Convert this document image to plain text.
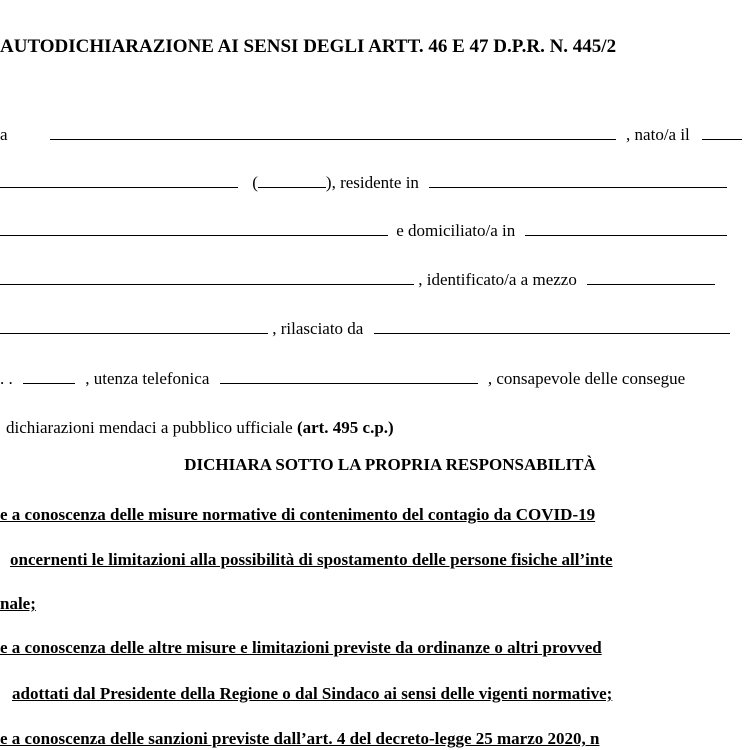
AUTODICHIARAZIONE AI SENSI DEGLI ARTT. 46 E 47 D.P.R. N. 445/2
a	, nato/a il
(	), residente in
e domiciliato/a in
, identificato/a a mezzo
, rilasciato da
. .	, utenza telefonica	, consapevole delle consegue
dichiarazioni mendaci a pubblico ufficiale (art. 495 c.p.)
DICHIARA SOTTO LA PROPRIA RESPONSABILITÀ
e a conoscenza delle misure normative di contenimento del contagio da COVID-19
oncernenti le limitazioni alla possibilità di spostamento delle persone fisiche all’inte
nale;
e a conoscenza delle altre misure e limitazioni previste da ordinanze o altri provved
adottati dal Presidente della Regione o dal Sindaco ai sensi delle vigenti normative;
e a conoscenza delle sanzioni previste dall’art. 4 del decreto-legge 25 marzo 2020, n
